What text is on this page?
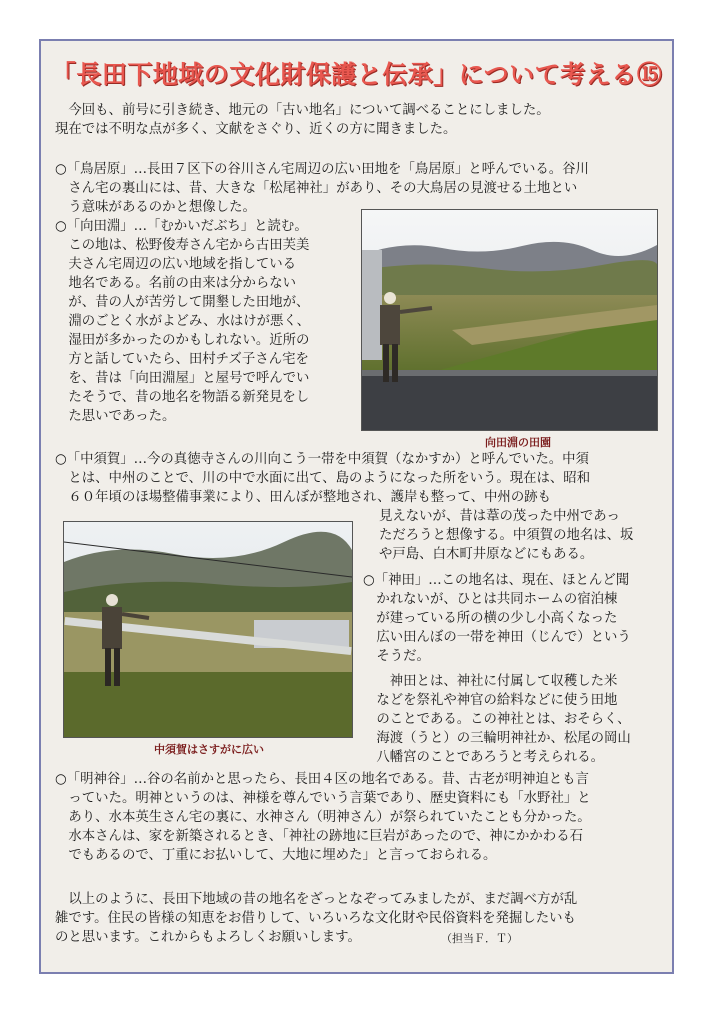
「長田下地域の文化財保護と伝承」について考える⑮
　今回も、前号に引き続き、地元の「古い地名」について調べることにしました。
現在では不明な点が多く、文献をさぐり、近くの方に聞きました。
○「鳥居原」…長田７区下の谷川さん宅周辺の広い田地を「鳥居原」と呼んでいる。谷川
　さん宅の裏山には、昔、大きな「松尾神社」があり、その大鳥居の見渡せる土地とい
　う意味があるのかと想像した。
○「向田淵」…「むかいだぶち」と読む。
　この地は、松野俊寿さん宅から古田芙美
　夫さん宅周辺の広い地域を指している
　地名である。名前の由来は分からない
　が、昔の人が苦労して開墾した田地が、
　淵のごとく水がよどみ、水はけが悪く、
　湿田が多かったのかもしれない。近所の
　方と話していたら、田村チズ子さん宅を
　を、昔は「向田淵屋」と屋号で呼んでい
　たそうで、昔の地名を物語る新発見をし
　た思いであった。
向田淵の田園
○「中須賀」…今の真徳寺さんの川向こう一帯を中須賀（なかすか）と呼んでいた。中須
　とは、中州のことで、川の中で水面に出て、島のようになった所をいう。現在は、昭和
　６０年頃のほ場整備事業により、田んぼが整地され、護岸も整って、中州の跡も
中須賀はさすがに広い
見えないが、昔は葦の茂った中州であっ
ただろうと想像する。中須賀の地名は、坂
や戸島、白木町井原などにもある。
○「神田」…この地名は、現在、ほとんど聞
　かれないが、ひとは共同ホームの宿泊棟
　が建っている所の横の少し小高くなった
　広い田んぼの一帯を神田（じんで）という
　そうだ。
　　神田とは、神社に付属して収穫した米
　などを祭礼や神官の給料などに使う田地
　のことである。この神社とは、おそらく、
　海渡（うと）の三輪明神社か、松尾の岡山
　八幡宮のことであろうと考えられる。
○「明神谷」…谷の名前かと思ったら、長田４区の地名である。昔、古老が明神迫とも言
　っていた。明神というのは、神様を尊んでいう言葉であり、歴史資料にも「水野社」と
　あり、水本英生さん宅の裏に、水神さん（明神さん）が祭られていたことも分かった。
　水本さんは、家を新築されるとき、「神社の跡地に巨岩があったので、神にかかわる石
　でもあるので、丁重にお払いして、大地に埋めた」と言っておられる。
　以上のように、長田下地域の昔の地名をざっとなぞってみましたが、まだ調べ方が乱
雑です。住民の皆様の知恵をお借りして、いろいろな文化財や民俗資料を発掘したいも
のと思います。これからもよろしくお願いします。	（担当Ｆ．Ｔ）
